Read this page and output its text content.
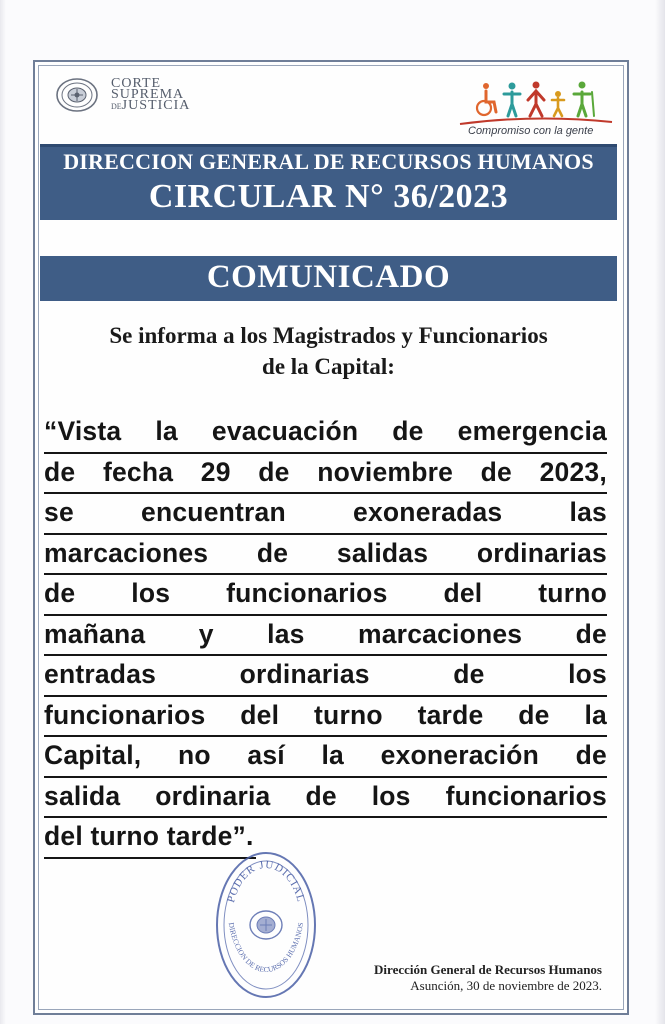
CORTE
SUPREMA
DEJUSTICIA
Compromiso con la gente
DIRECCION GENERAL DE RECURSOS HUMANOS
CIRCULAR N° 36/2023
COMUNICADO
Se informa a los Magistrados y Funcionarios
de la Capital:
“Vista la evacuación de emergencia
de fecha 29 de noviembre de 2023,
se	encuentran	exoneradas	las
marcaciones de salidas ordinarias
de los funcionarios del turno
mañana y las marcaciones de
entradas	ordinarias	de	los
funcionarios del turno tarde de la
Capital, no así la exoneración de
salida ordinaria de los funcionarios
del turno tarde”.
PODER JUDICIAL
DIRECCION DE RECURSOS HUMANOS
Dirección General de Recursos Humanos
Asunción, 30 de noviembre de 2023.
